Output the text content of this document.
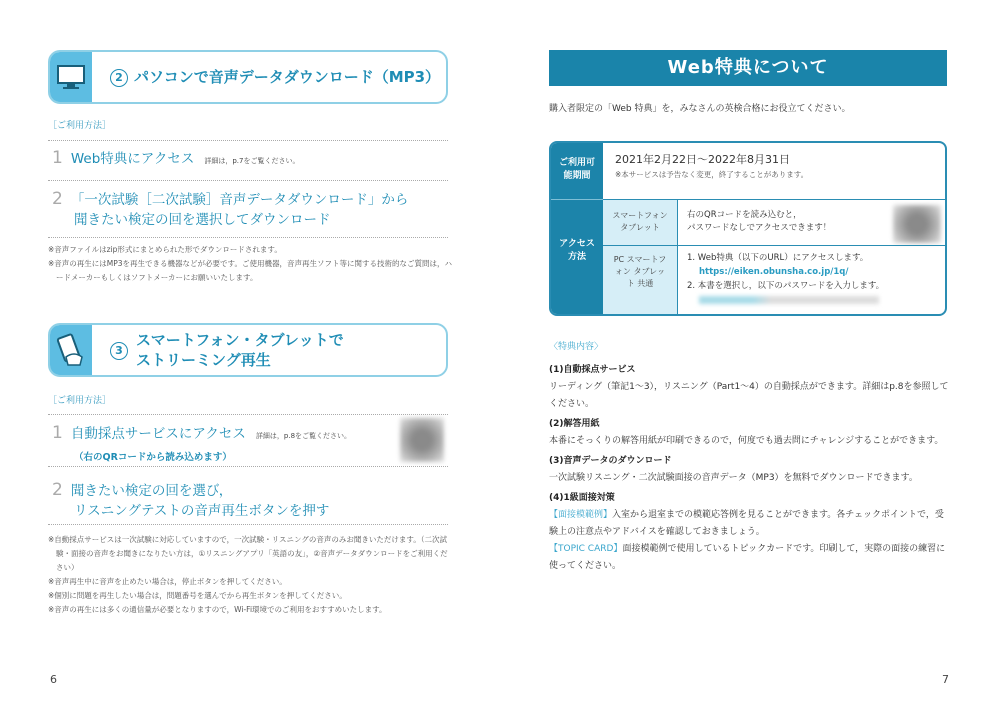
2 パソコンで音声データダウンロード（MP3）
［ご利用方法］
1 Web特典にアクセス 詳細は，p.7をご覧ください。
2 「一次試験［二次試験］音声データダウンロード」から
聞きたい検定の回を選択してダウンロード
※音声ファイルはzip形式にまとめられた形でダウンロードされます。
※音声の再生にはMP3を再生できる機器などが必要です。ご使用機器，音声再生ソフト等に関する技術的なご質問は，ハードメーカーもしくはソフトメーカーにお願いいたします。
3
スマートフォン・タブレットで
ストリーミング再生
［ご利用方法］
1 自動採点サービスにアクセス 詳細は，p.8をご覧ください。
（右のQRコードから読み込めます）
2 聞きたい検定の回を選び，
リスニングテストの音声再生ボタンを押す
※自動採点サービスは一次試験に対応していますので，一次試験・リスニングの音声のみお聞きいただけます。（二次試験・面接の音声をお聞きになりたい方は，①リスニングアプリ「英語の友」，②音声データダウンロードをご利用ください）
※音声再生中に音声を止めたい場合は，停止ボタンを押してください。
※個別に問題を再生したい場合は，問題番号を選んでから再生ボタンを押してください。
※音声の再生には多くの通信量が必要となりますので，Wi-Fi環境でのご利用をおすすめいたします。
6
Web特典について
購入者限定の「Web 特典」を，みなさんの英検合格にお役立てください。
ご利用可能期間
2021年2月22日～2022年8月31日
※本サービスは予告なく変更，終了することがあります。
アクセス方法
スマートフォン タブレット
右のQRコードを読み込むと，
パスワードなしでアクセスできます！
PC スマートフォン タブレット 共通
1. Web特典（以下のURL）にアクセスします。
https://eiken.obunsha.co.jp/1q/
2. 本書を選択し，以下のパスワードを入力します。
〈特典内容〉
(1)自動採点サービス
リーディング（筆記1～3），リスニング（Part1～4）の自動採点ができます。詳細はp.8を参照してください。
(2)解答用紙
本番にそっくりの解答用紙が印刷できるので，何度でも過去問にチャレンジすることができます。
(3)音声データのダウンロード
一次試験リスニング・二次試験面接の音声データ（MP3）を無料でダウンロードできます。
(4)1級面接対策
【面接模範例】入室から退室までの模範応答例を見ることができます。各チェックポイントで，受験上の注意点やアドバイスを確認しておきましょう。
【TOPIC CARD】面接模範例で使用しているトピックカードです。印刷して，実際の面接の練習に使ってください。
7
